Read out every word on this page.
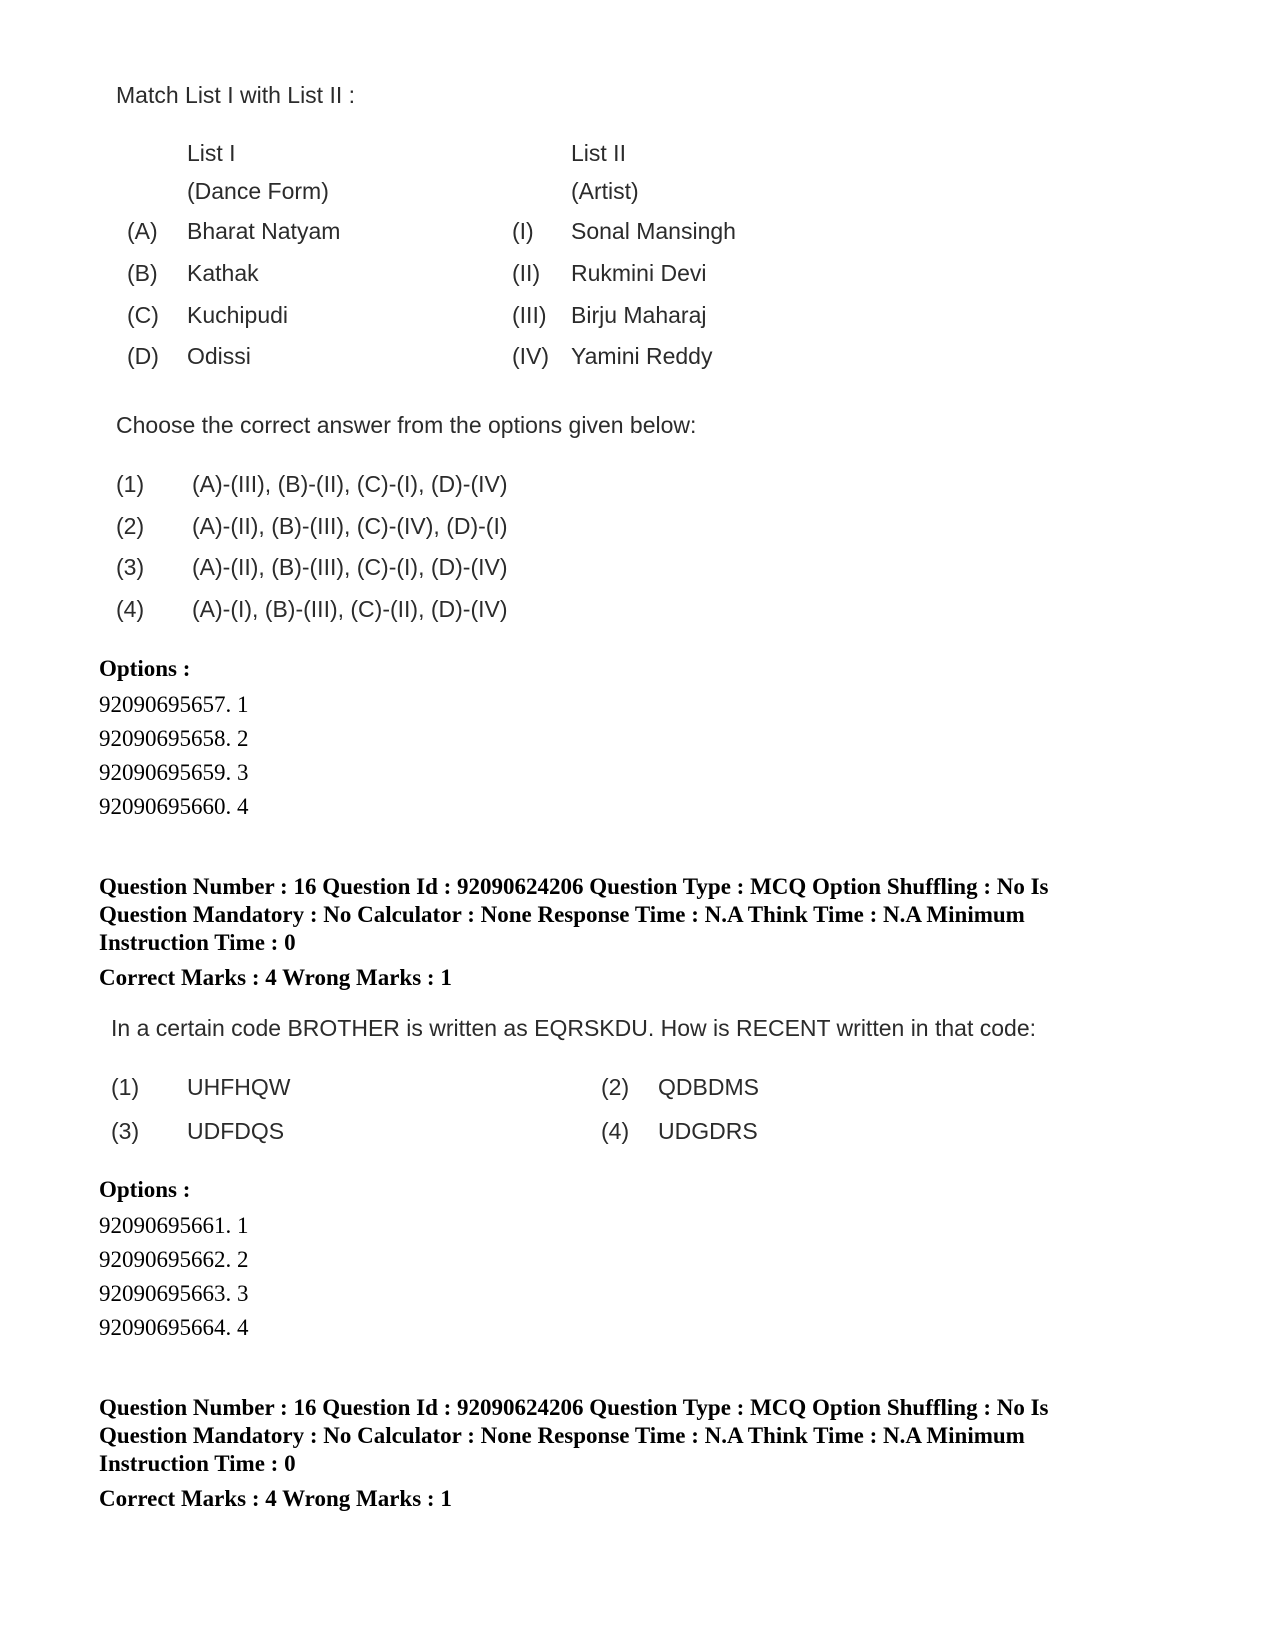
Match List I with List II :
List I
(Dance Form)
List II
(Artist)
(A) Bharat Natyam	(I) Sonal Mansingh
(B) Kathak	(II) Rukmini Devi
(C) Kuchipudi	(III) Birju Maharaj
(D) Odissi	(IV) Yamini Reddy
Choose the correct answer from the options given below:
(1) (A)-(III), (B)-(II), (C)-(I), (D)-(IV)
(2) (A)-(II), (B)-(III), (C)-(IV), (D)-(I)
(3) (A)-(II), (B)-(III), (C)-(I), (D)-(IV)
(4) (A)-(I), (B)-(III), (C)-(II), (D)-(IV)
Options :
92090695657. 1
92090695658. 2
92090695659. 3
92090695660. 4
Question Number : 16 Question Id : 92090624206 Question Type : MCQ Option Shuffling : No Is
Question Mandatory : No Calculator : None Response Time : N.A Think Time : N.A Minimum
Instruction Time : 0
Correct Marks : 4 Wrong Marks : 1
In a certain code BROTHER is written as EQRSKDU. How is RECENT written in that code:
(1) UHFHQW	(2) QDBDMS
(3) UDFDQS	(4) UDGDRS
Options :
92090695661. 1
92090695662. 2
92090695663. 3
92090695664. 4
Question Number : 16 Question Id : 92090624206 Question Type : MCQ Option Shuffling : No Is
Question Mandatory : No Calculator : None Response Time : N.A Think Time : N.A Minimum
Instruction Time : 0
Correct Marks : 4 Wrong Marks : 1
